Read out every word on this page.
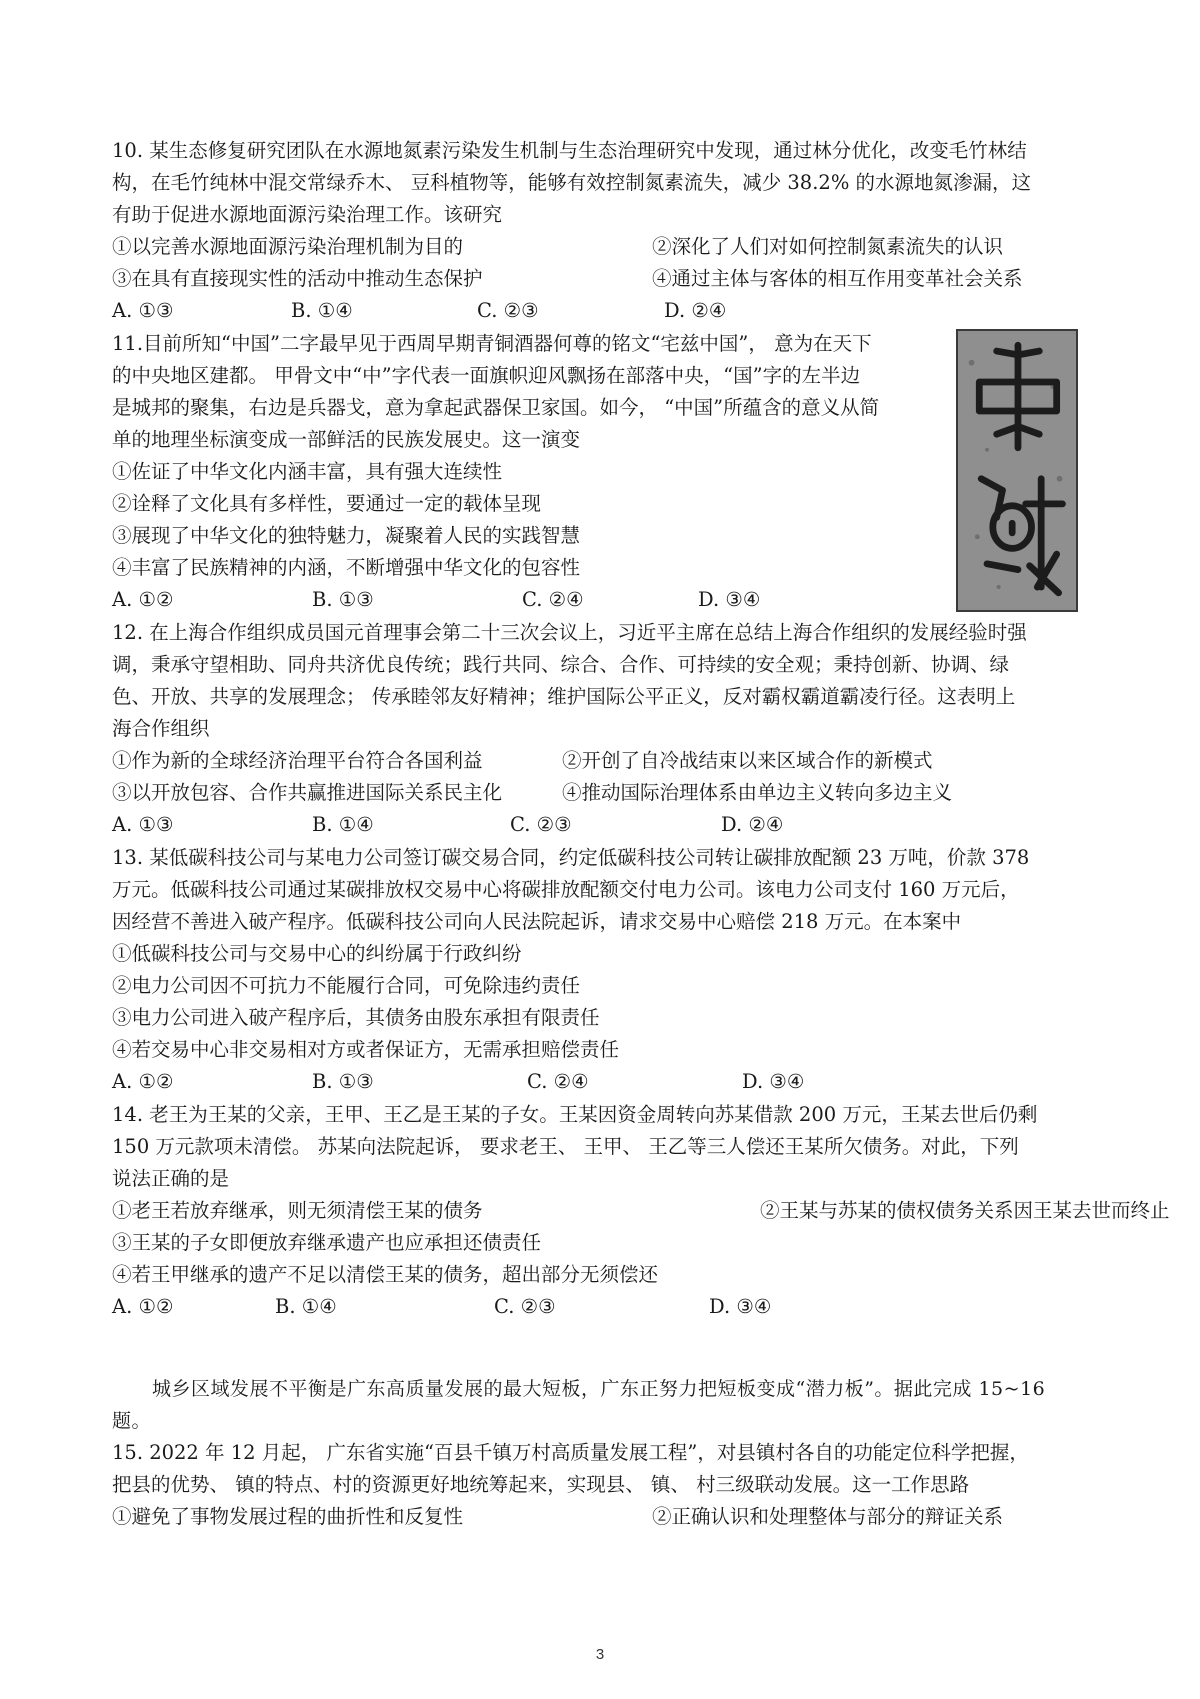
10. 某生态修复研究团队在水源地氮素污染发生机制与生态治理研究中发现，通过林分优化，改变毛竹林结
构，在毛竹纯林中混交常绿乔木、 豆科植物等，能够有效控制氮素流失，减少 38.2% 的水源地氮渗漏，这
有助于促进水源地面源污染治理工作。该研究
①以完善水源地面源污染治理机制为目的	②深化了人们对如何控制氮素流失的认识
③在具有直接现实性的活动中推动生态保护	④通过主体与客体的相互作用变革社会关系
A. ①③	B. ①④	C. ②③	D. ②④
11.目前所知“中国”二字最早见于西周早期青铜酒器何尊的铭文“宅兹中国”， 意为在天下
的中央地区建都。 甲骨文中“中”字代表一面旗帜迎风飘扬在部落中央，“国”字的左半边
是城邦的聚集，右边是兵器戈，意为拿起武器保卫家国。如今， “中国”所蕴含的意义从简
单的地理坐标演变成一部鲜活的民族发展史。这一演变
①佐证了中华文化内涵丰富，具有强大连续性
②诠释了文化具有多样性，要通过一定的载体呈现
③展现了中华文化的独特魅力，凝聚着人民的实践智慧
④丰富了民族精神的内涵，不断增强中华文化的包容性
A. ①②	B. ①③	C. ②④	D. ③④
12. 在上海合作组织成员国元首理事会第二十三次会议上，习近平主席在总结上海合作组织的发展经验时强
调，秉承守望相助、同舟共济优良传统；践行共同、综合、合作、可持续的安全观；秉持创新、协调、绿
色、开放、共享的发展理念； 传承睦邻友好精神；维护国际公平正义，反对霸权霸道霸凌行径。这表明上
海合作组织
①作为新的全球经济治理平台符合各国利益	②开创了自冷战结束以来区域合作的新模式
③以开放包容、合作共赢推进国际关系民主化	④推动国际治理体系由单边主义转向多边主义
A. ①③	B. ①④	C. ②③	D. ②④
13. 某低碳科技公司与某电力公司签订碳交易合同，约定低碳科技公司转让碳排放配额 23 万吨，价款 378
万元。低碳科技公司通过某碳排放权交易中心将碳排放配额交付电力公司。该电力公司支付 160 万元后，
因经营不善进入破产程序。低碳科技公司向人民法院起诉，请求交易中心赔偿 218 万元。在本案中
①低碳科技公司与交易中心的纠纷属于行政纠纷
②电力公司因不可抗力不能履行合同，可免除违约责任
③电力公司进入破产程序后，其债务由股东承担有限责任
④若交易中心非交易相对方或者保证方，无需承担赔偿责任
A. ①②	B. ①③	C. ②④	D. ③④
14. 老王为王某的父亲，王甲、王乙是王某的子女。王某因资金周转向苏某借款 200 万元，王某去世后仍剩
150 万元款项未清偿。 苏某向法院起诉， 要求老王、 王甲、 王乙等三人偿还王某所欠债务。对此，下列
说法正确的是
①老王若放弃继承，则无须清偿王某的债务	②王某与苏某的债权债务关系因王某去世而终止
③王某的子女即便放弃继承遗产也应承担还债责任
④若王甲继承的遗产不足以清偿王某的债务，超出部分无须偿还
A. ①②	B. ①④	C. ②③	D. ③④
城乡区域发展不平衡是广东高质量发展的最大短板，广东正努力把短板变成“潜力板”。据此完成 15~16
题。
15. 2022 年 12 月起， 广东省实施“百县千镇万村高质量发展工程”，对县镇村各自的功能定位科学把握，
把县的优势、 镇的特点、村的资源更好地统筹起来，实现县、 镇、 村三级联动发展。这一工作思路
①避免了事物发展过程的曲折性和反复性	②正确认识和处理整体与部分的辩证关系
3
